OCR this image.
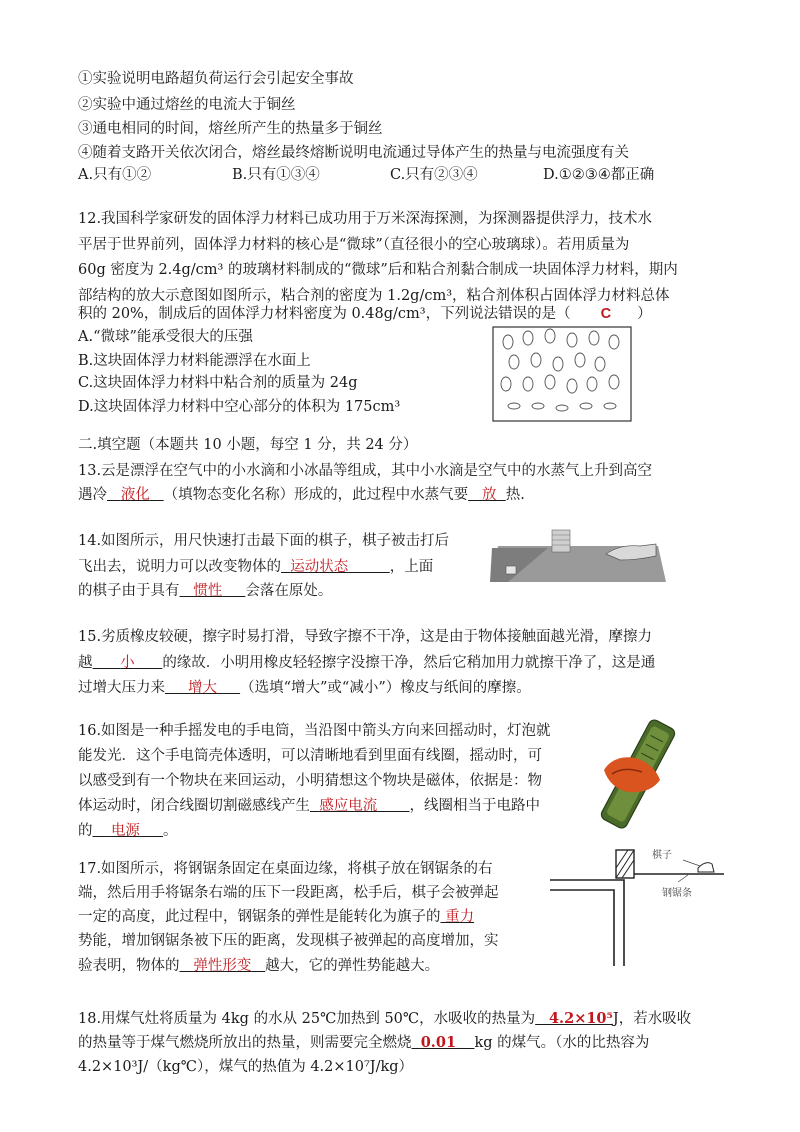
①实验说明电路超负荷运行会引起安全事故
②实验中通过熔丝的电流大于铜丝
③通电相同的时间，熔丝所产生的热量多于铜丝
④随着支路开关依次闭合，熔丝最终熔断说明电流通过导体产生的热量与电流强度有关
A.只有①②	B.只有①③④	C.只有②③④	D.①②③④都正确
12.我国科学家研发的固体浮力材料已成功用于万米深海探测，为探测器提供浮力，技术水
平居于世界前列，固体浮力材料的核心是“微球”（直径很小的空心玻璃球）。若用质量为
60g 密度为 2.4g/cm³ 的玻璃材料制成的“微球”后和粘合剂黏合制成一块固体浮力材料，期内
部结构的放大示意图如图所示，粘合剂的密度为 1.2g/cm³，粘合剂体积占固体浮力材料总体
积的 20%，制成后的固体浮力材料密度为 0.48g/cm³，下列说法错误的是（ C ）
A.“微球”能承受很大的压强
B.这块固体浮力材料能漂浮在水面上
C.这块固体浮力材料中粘合剂的质量为 24g
D.这块固体浮力材料中空心部分的体积为 175cm³
二.填空题（本题共 10 小题，每空 1 分，共 24 分）
13.云是漂浮在空气中的小水滴和小冰晶等组成，其中小水滴是空气中的水蒸气上升到高空
遇冷 液化 （填物态变化名称）形成的，此过程中水蒸气要 放 热.
14.如图所示，用尺快速打击最下面的棋子，棋子被击打后
飞出去，说明力可以改变物体的 运动状态	，上面
的棋子由于具有 惯性 会落在原处。
15.劣质橡皮较硬，擦字时易打滑，导致字擦不干净，这是由于物体接触面越光滑，摩擦力
越 小 的缘故．小明用橡皮轻轻擦字没擦干净，然后它稍加用力就擦干净了，这是通
过增大压力来 增大 （选填“增大”或“减小”）橡皮与纸间的摩擦。
16.如图是一种手摇发电的手电筒，当沿图中箭头方向来回摇动时，灯泡就
能发光．这个手电筒壳体透明，可以清晰地看到里面有线圈，摇动时，可
以感受到有一个物块在来回运动，小明猜想这个物块是磁体，依据是：物
体运动时，闭合线圈切割磁感线产生 感应电流 ，线圈相当于电路中
的 电源 。
17.如图所示，将钢锯条固定在桌面边缘，将棋子放在钢锯条的右
端，然后用手将锯条右端的压下一段距离，松手后，棋子会被弹起
一定的高度，此过程中，钢锯条的弹性是能转化为旗子的 重力
势能，增加钢锯条被下压的距离，发现棋子被弹起的高度增加，实
验表明，物体的 弹性形变 越大，它的弹性势能越大。
棋子
钢锯条
18.用煤气灶将质量为 4kg 的水从 25℃加热到 50℃，水吸收的热量为 4.2×10⁵J，若水吸收
的热量等于煤气燃烧所放出的热量，则需要完全燃烧 0.01 kg 的煤气。（水的比热容为
4.2×10³J/（kg℃），煤气的热值为 4.2×10⁷J/kg）
